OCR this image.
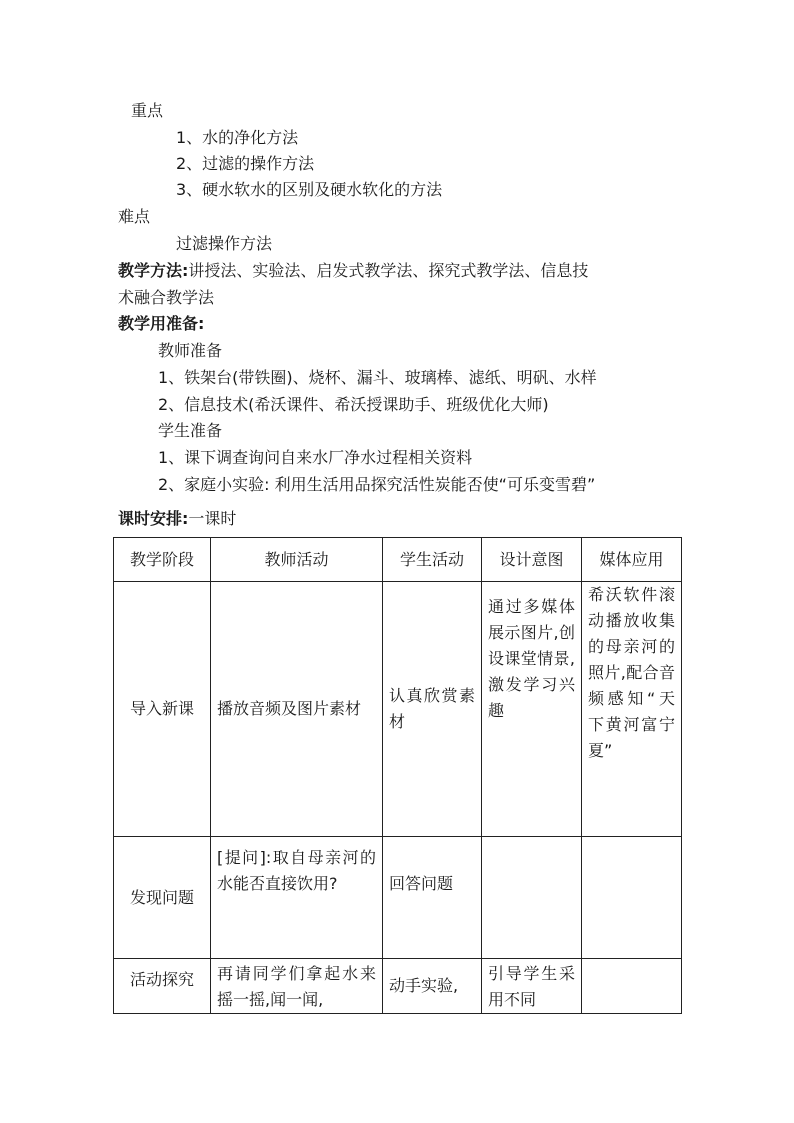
重点
1、水的净化方法
2、过滤的操作方法
3、硬水软水的区别及硬水软化的方法
难点
过滤操作方法
教学方法:讲授法、实验法、启发式教学法、探究式教学法、信息技
术融合教学法
教学用准备:
教师准备
1、铁架台(带铁圈)、烧杯、漏斗、玻璃棒、滤纸、明矾、水样
2、信息技术(希沃课件、希沃授课助手、班级优化大师)
学生准备
1、课下调查询问自来水厂净水过程相关资料
2、家庭小实验: 利用生活用品探究活性炭能否使“可乐变雪碧”
课时安排:一课时
教学阶段	教师活动	学生活动	设计意图	媒体应用
导入新课	播放音频及图片素材	认真欣赏素材	通过多媒体展示图片,创设课堂情景,激发学习兴趣	希沃软件滚动播放收集的母亲河的照片,配合音频感知“天下黄河富宁夏”

发现问题	[提问]:取自母亲河的水能否直接饮用?	回答问题		

活动探究	再请同学们拿起水来摇一摇,闻一闻,	动手实验,	引导学生采用不同	
